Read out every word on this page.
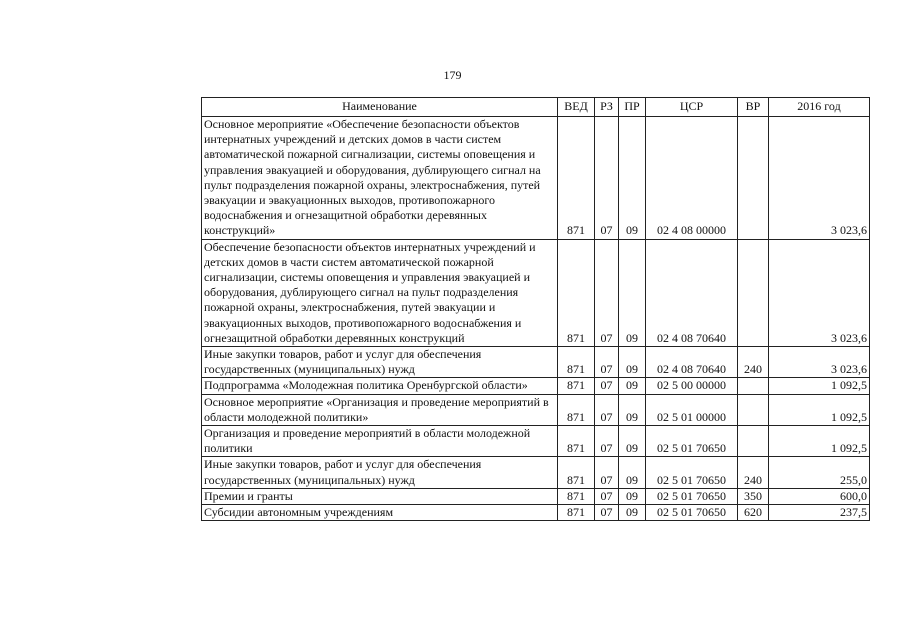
179
Наименование	ВЕД	РЗ	ПР	ЦСР	ВР	2016 год
Основное мероприятие «Обеспечение безопасности объектов интернатных учреждений и детских домов в части систем автоматической пожарной сигнализации, системы оповещения и управления эвакуацией и оборудования, дублирующего сигнал на пульт подразделения пожарной охраны, электроснабжения, путей эвакуации и эвакуационных выходов, противопожарного водоснабжения и огнезащитной обработки деревянных конструкций»	871	07	09	02 4 08 00000		3 023,6
Обеспечение безопасности объектов интернатных учреждений и детских домов в части систем автоматической пожарной сигнализации, системы оповещения и управления эвакуацией и оборудования, дублирующего сигнал на пульт подразделения пожарной охраны, электроснабжения, путей эвакуации и эвакуационных выходов, противопожарного водоснабжения и огнезащитной обработки деревянных конструкций	871	07	09	02 4 08 70640		3 023,6
Иные закупки товаров, работ и услуг для обеспечения государственных (муниципальных) нужд	871	07	09	02 4 08 70640	240	3 023,6
Подпрограмма «Молодежная политика Оренбургской области»	871	07	09	02 5 00 00000		1 092,5
Основное мероприятие «Организация и проведение мероприятий в области молодежной политики»	871	07	09	02 5 01 00000		1 092,5
Организация и проведение мероприятий в области молодежной политики	871	07	09	02 5 01 70650		1 092,5
Иные закупки товаров, работ и услуг для обеспечения государственных (муниципальных) нужд	871	07	09	02 5 01 70650	240	255,0
Премии и гранты	871	07	09	02 5 01 70650	350	600,0
Субсидии автономным учреждениям	871	07	09	02 5 01 70650	620	237,5
